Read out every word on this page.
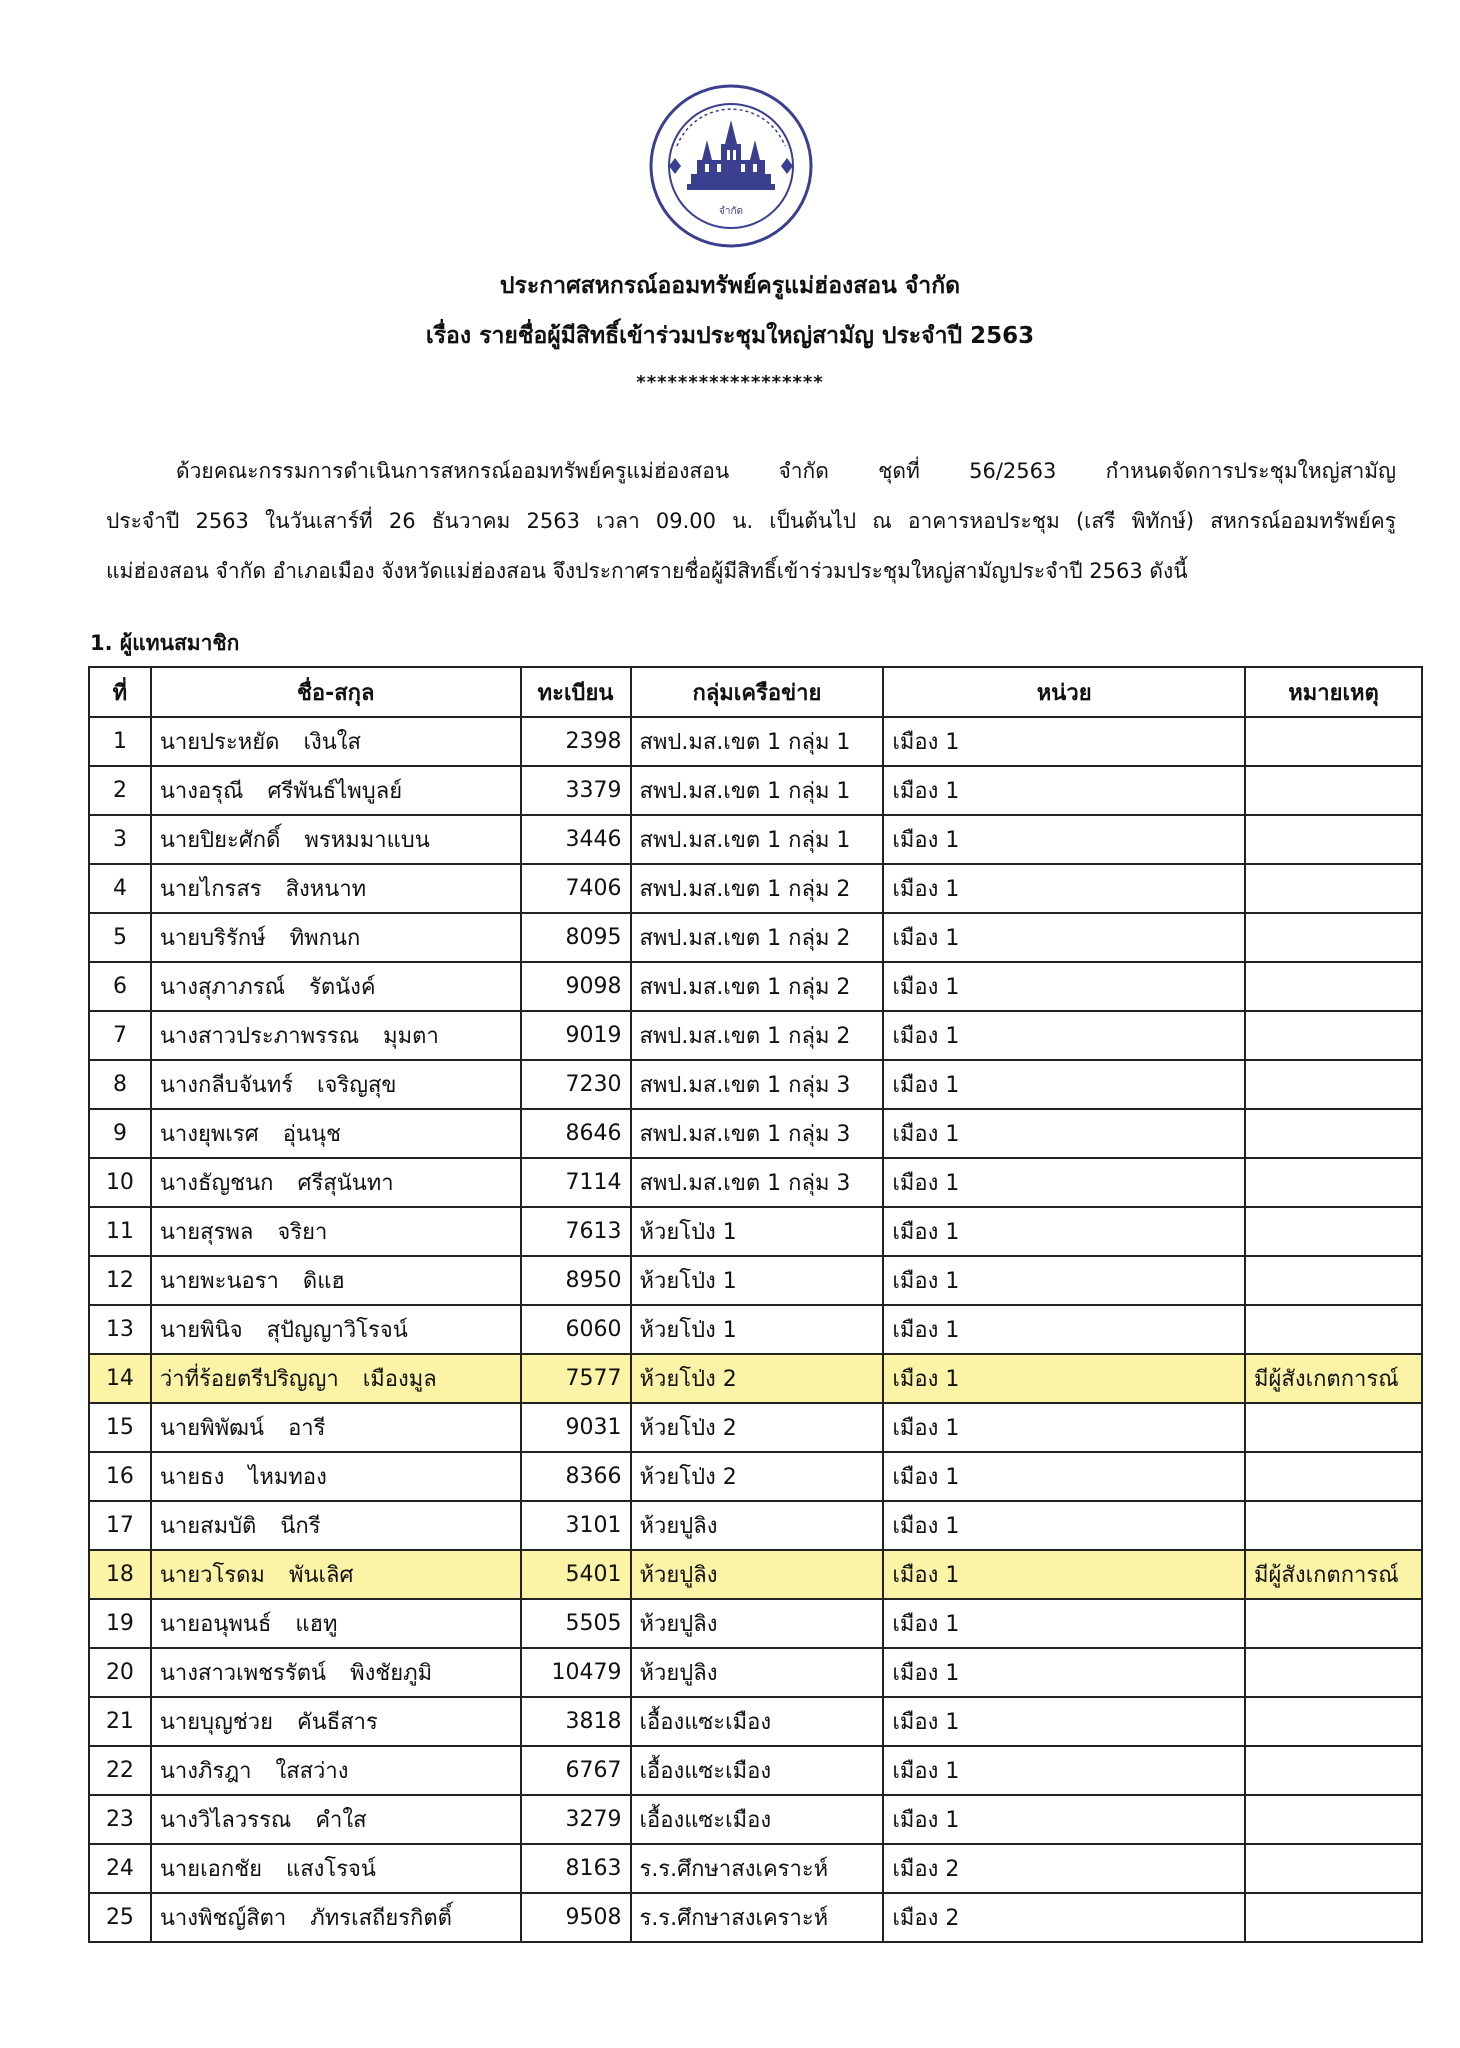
จำกัด
ประกาศสหกรณ์ออมทรัพย์ครูแม่ฮ่องสอน จำกัด
เรื่อง รายชื่อผู้มีสิทธิ์เข้าร่วมประชุมใหญ่สามัญ ประจำปี 2563
******************

ด้วยคณะกรรมการดำเนินการสหกรณ์ออมทรัพย์ครูแม่ฮ่องสอน จำกัด ชุดที่ 56/2563 กำหนดจัดการประชุมใหญ่สามัญ

ประจำปี 2563 ในวันเสาร์ที่ 26 ธันวาคม 2563 เวลา 09.00 น. เป็นต้นไป ณ อาคารหอประชุม (เสรี พิทักษ์) สหกรณ์ออมทรัพย์ครู

แม่ฮ่องสอน จำกัด อำเภอเมือง จังหวัดแม่ฮ่องสอน จึงประกาศรายชื่อผู้มีสิทธิ์เข้าร่วมประชุมใหญ่สามัญประจำปี 2563 ดังนี้

1. ผู้แทนสมาชิก
ที่	ชื่อ-สกุล	ทะเบียน	กลุ่มเครือข่าย	หน่วย	หมายเหตุ
1	นายประหยัด เงินใส	2398	สพป.มส.เขต 1 กลุ่ม 1	เมือง 1	
2	นางอรุณี ศรีพันธ์ไพบูลย์	3379	สพป.มส.เขต 1 กลุ่ม 1	เมือง 1	
3	นายปิยะศักดิ์ พรหมมาแบน	3446	สพป.มส.เขต 1 กลุ่ม 1	เมือง 1	
4	นายไกรสร สิงหนาท	7406	สพป.มส.เขต 1 กลุ่ม 2	เมือง 1	
5	นายบริรักษ์ ทิพกนก	8095	สพป.มส.เขต 1 กลุ่ม 2	เมือง 1	
6	นางสุภาภรณ์ รัตนังค์	9098	สพป.มส.เขต 1 กลุ่ม 2	เมือง 1	
7	นางสาวประภาพรรณ มุมตา	9019	สพป.มส.เขต 1 กลุ่ม 2	เมือง 1	
8	นางกลีบจันทร์ เจริญสุข	7230	สพป.มส.เขต 1 กลุ่ม 3	เมือง 1	
9	นางยุพเรศ อุ่นนุช	8646	สพป.มส.เขต 1 กลุ่ม 3	เมือง 1	
10	นางธัญชนก ศรีสุนันทา	7114	สพป.มส.เขต 1 กลุ่ม 3	เมือง 1	
11	นายสุรพล จริยา	7613	ห้วยโป่ง 1	เมือง 1	
12	นายพะนอรา ดิแฮ	8950	ห้วยโป่ง 1	เมือง 1	
13	นายพินิจ สุปัญญาวิโรจน์	6060	ห้วยโป่ง 1	เมือง 1	
14	ว่าที่ร้อยตรีปริญญา เมืองมูล	7577	ห้วยโป่ง 2	เมือง 1	มีผู้สังเกตการณ์
15	นายพิพัฒน์ อารี	9031	ห้วยโป่ง 2	เมือง 1	
16	นายธง ไหมทอง	8366	ห้วยโป่ง 2	เมือง 1	
17	นายสมบัติ นีกรี	3101	ห้วยปูลิง	เมือง 1	
18	นายวโรดม พันเลิศ	5401	ห้วยปูลิง	เมือง 1	มีผู้สังเกตการณ์
19	นายอนุพนธ์ แฮทู	5505	ห้วยปูลิง	เมือง 1	
20	นางสาวเพชรรัตน์ พิงชัยภูมิ	10479	ห้วยปูลิง	เมือง 1	
21	นายบุญช่วย คันธีสาร	3818	เอื้องแซะเมือง	เมือง 1	
22	นางภิรฎา ใสสว่าง	6767	เอื้องแซะเมือง	เมือง 1	
23	นางวิไลวรรณ คำใส	3279	เอื้องแซะเมือง	เมือง 1	
24	นายเอกชัย แสงโรจน์	8163	ร.ร.ศึกษาสงเคราะห์	เมือง 2	
25	นางพิชญ์สิตา ภัทรเสถียรกิตติ์	9508	ร.ร.ศึกษาสงเคราะห์	เมือง 2	
